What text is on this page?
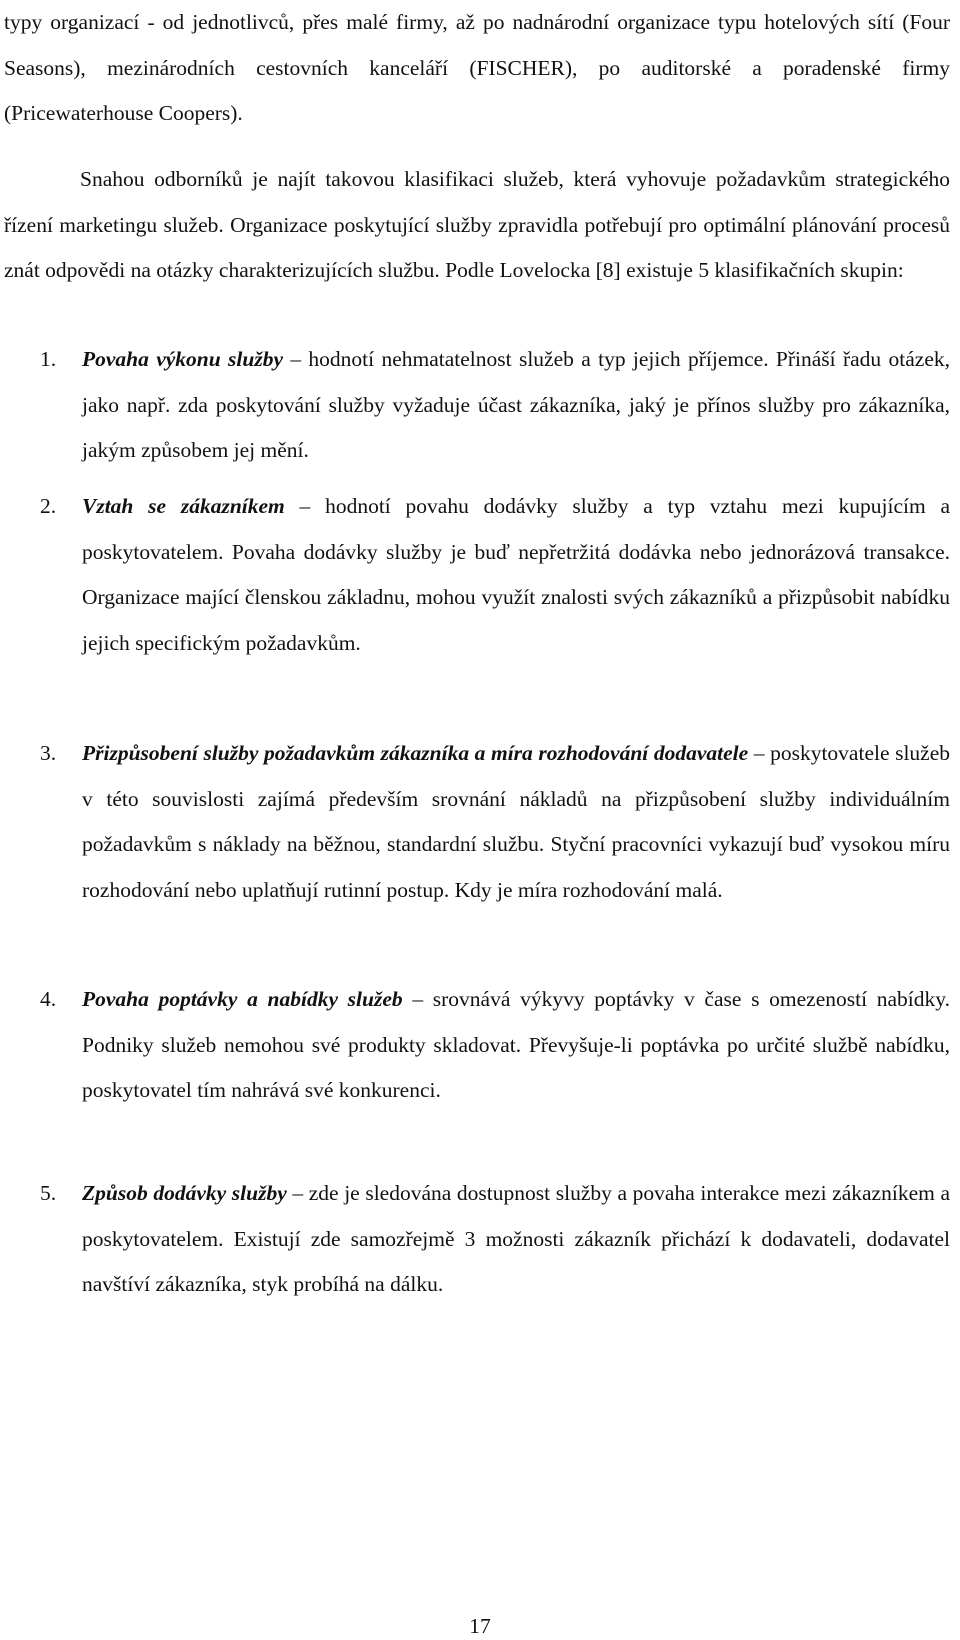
typy organizací - od jednotlivců, přes malé firmy, až po nadnárodní organizace typu hotelových sítí (Four Seasons), mezinárodních cestovních kanceláří (FISCHER), po auditorské a poradenské firmy (Pricewaterhouse Coopers).

Snahou odborníků je najít takovou klasifikaci služeb, která vyhovuje požadavkům strategického řízení marketingu služeb. Organizace poskytující služby zpravidla potřebují pro optimální plánování procesů znát odpovědi na otázky charakterizujících službu. Podle Lovelocka [8] existuje 5 klasifikačních skupin:

1. Povaha výkonu služby – hodnotí nehmatatelnost služeb a typ jejich příjemce. Přináší řadu otázek, jako např. zda poskytování služby vyžaduje účast zákazníka, jaký je přínos služby pro zákazníka, jakým způsobem jej mění.
2. Vztah se zákazníkem – hodnotí povahu dodávky služby a typ vztahu mezi kupujícím a poskytovatelem. Povaha dodávky služby je buď nepřetržitá dodávka nebo jednorázová transakce. Organizace mající členskou základnu, mohou využít znalosti svých zákazníků a přizpůsobit nabídku jejich specifickým požadavkům.
3. Přizpůsobení služby požadavkům zákazníka a míra rozhodování dodavatele – poskytovatele služeb v této souvislosti zajímá především srovnání nákladů na přizpůsobení služby individuálním požadavkům s náklady na běžnou, standardní službu. Styční pracovníci vykazují buď vysokou míru rozhodování nebo uplatňují rutinní postup. Kdy je míra rozhodování malá.
4. Povaha poptávky a nabídky služeb – srovnává výkyvy poptávky v čase s omezeností nabídky. Podniky služeb nemohou své produkty skladovat. Převyšuje-li poptávka po určité službě nabídku, poskytovatel tím nahrává své konkurenci.
5. Způsob dodávky služby – zde je sledována dostupnost služby a povaha interakce mezi zákazníkem a poskytovatelem. Existují zde samozřejmě 3 možnosti zákazník přichází k dodavateli, dodavatel navštíví zákazníka, styk probíhá na dálku.
17
